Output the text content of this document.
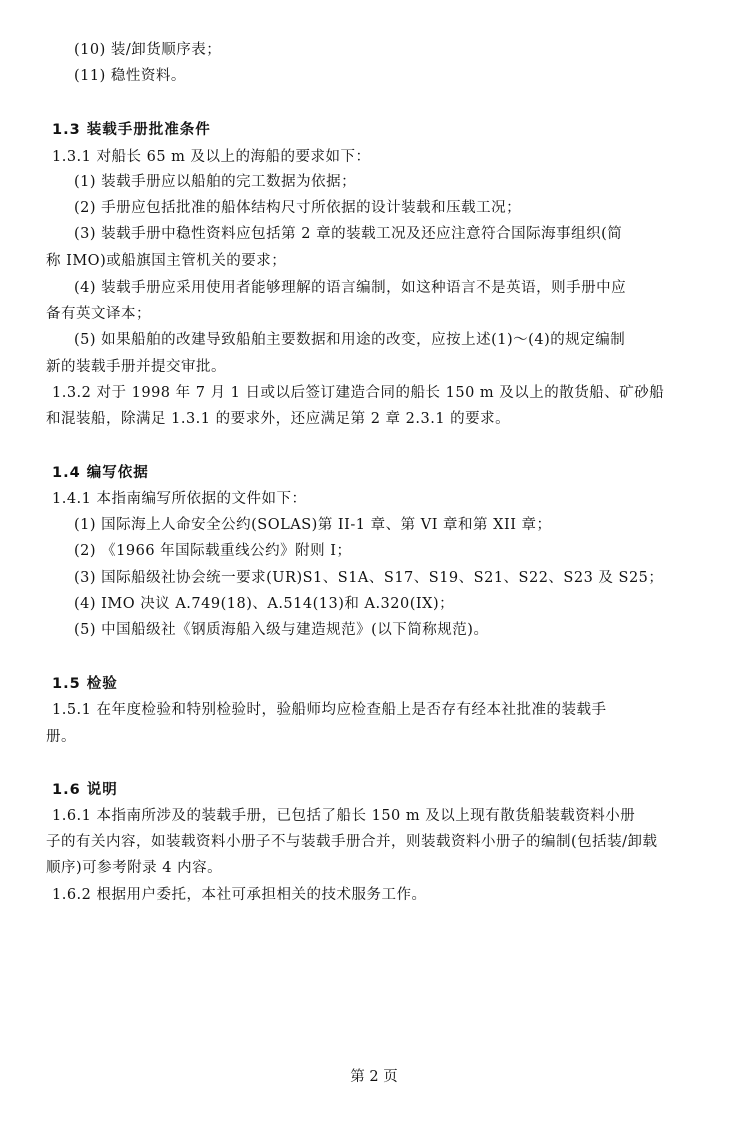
(10) 装/卸货顺序表；
(11) 稳性资料。
1.3 装载手册批准条件
1.3.1 对船长 65 m 及以上的海船的要求如下：
(1) 装载手册应以船舶的完工数据为依据；
(2) 手册应包括批准的船体结构尺寸所依据的设计装载和压载工况；
(3) 装载手册中稳性资料应包括第 2 章的装载工况及还应注意符合国际海事组织(简
称 IMO)或船旗国主管机关的要求；
(4) 装载手册应采用使用者能够理解的语言编制，如这种语言不是英语，则手册中应
备有英文译本；
(5) 如果船舶的改建导致船舶主要数据和用途的改变，应按上述(1)～(4)的规定编制
新的装载手册并提交审批。
1.3.2 对于 1998 年 7 月 1 日或以后签订建造合同的船长 150 m 及以上的散货船、矿砂船
和混装船，除满足 1.3.1 的要求外，还应满足第 2 章 2.3.1 的要求。
1.4 编写依据
1.4.1 本指南编写所依据的文件如下：
(1) 国际海上人命安全公约(SOLAS)第 II-1 章、第 VI 章和第 XII 章；
(2) 《1966 年国际载重线公约》附则 I；
(3) 国际船级社协会统一要求(UR)S1、S1A、S17、S19、S21、S22、S23 及 S25；
(4) IMO 决议 A.749(18)、A.514(13)和 A.320(IX)；
(5) 中国船级社《钢质海船入级与建造规范》(以下简称规范)。
1.5 检验
1.5.1 在年度检验和特别检验时，验船师均应检查船上是否存有经本社批准的装载手
册。
1.6 说明
1.6.1 本指南所涉及的装载手册，已包括了船长 150 m 及以上现有散货船装载资料小册
子的有关内容，如装载资料小册子不与装载手册合并，则装载资料小册子的编制(包括装/卸载
顺序)可参考附录 4 内容。
1.6.2 根据用户委托，本社可承担相关的技术服务工作。
第 2 页
